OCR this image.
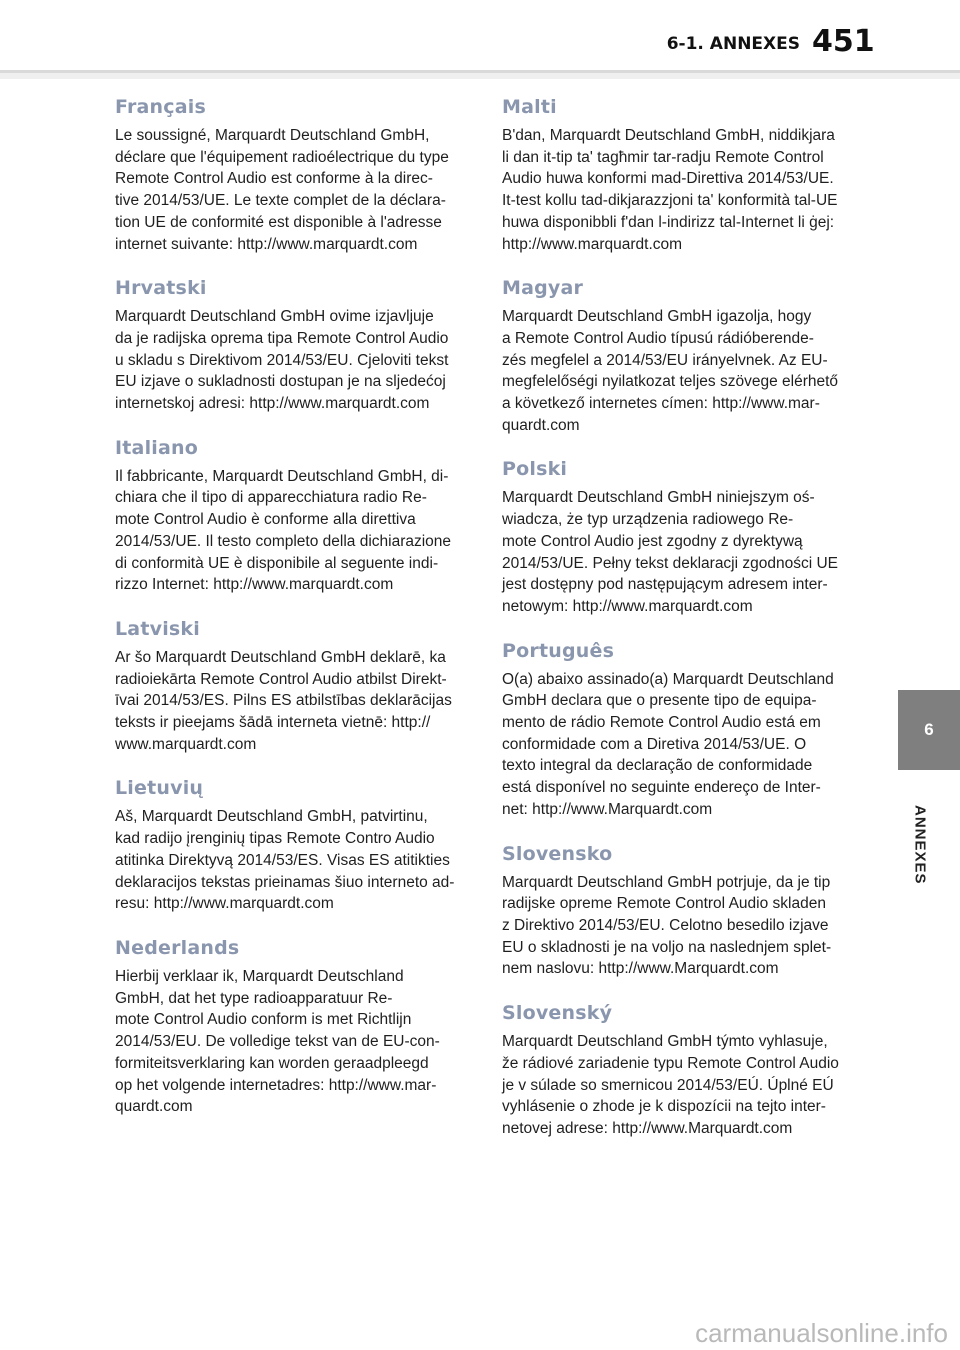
6-1. ANNEXES 451
Français

Le soussigné, Marquardt Deutschland GmbH,
déclare que l'équipement radioélectrique du type
Remote Control Audio est conforme à la direc-
tive 2014/53/UE. Le texte complet de la déclara-
tion UE de conformité est disponible à l'adresse
internet suivante: http://www.marquardt.com

Hrvatski

Marquardt Deutschland GmbH ovime izjavljuje
da je radijska oprema tipa Remote Control Audio
u skladu s Direktivom 2014/53/EU. Cjeloviti tekst
EU izjave o sukladnosti dostupan je na sljedećoj
internetskoj adresi: http://www.marquardt.com

Italiano

Il fabbricante, Marquardt Deutschland GmbH, di-
chiara che il tipo di apparecchiatura radio Re-
mote Control Audio è conforme alla direttiva
2014/53/UE. Il testo completo della dichiarazione
di conformità UE è disponibile al seguente indi-
rizzo Internet: http://www.marquardt.com

Latviski

Ar šo Marquardt Deutschland GmbH deklarē, ka
radioiekārta Remote Control Audio atbilst Direkt-
īvai 2014/53/ES. Pilns ES atbilstības deklarācijas
teksts ir pieejams šādā interneta vietnē: http://
www.marquardt.com

Lietuvių

Aš, Marquardt Deutschland GmbH, patvirtinu,
kad radijo įrenginių tipas Remote Contro Audio
atitinka Direktyvą 2014/53/ES. Visas ES atitikties
deklaracijos tekstas prieinamas šiuo interneto ad-
resu: http://www.marquardt.com

Nederlands

Hierbij verklaar ik, Marquardt Deutschland
GmbH, dat het type radioapparatuur Re-
mote Control Audio conform is met Richtlijn
2014/53/EU. De volledige tekst van de EU-con-
formiteitsverklaring kan worden geraadpleegd
op het volgende internetadres: http://www.mar-
quardt.com

Malti

B'dan, Marquardt Deutschland GmbH, niddikjara
li dan it-tip ta' tagħmir tar-radju Remote Control
Audio huwa konformi mad-Direttiva 2014/53/UE.
It-test kollu tad-dikjarazzjoni ta' konformità tal-UE
huwa disponibbli f'dan l-indirizz tal-Internet li ġej:
http://www.marquardt.com

Magyar

Marquardt Deutschland GmbH igazolja, hogy
a Remote Control Audio típusú rádióberende-
zés megfelel a 2014/53/EU irányelvnek. Az EU-
megfelelőségi nyilatkozat teljes szövege elérhető
a következő internetes címen: http://www.mar-
quardt.com

Polski

Marquardt Deutschland GmbH niniejszym oś-
wiadcza, że typ urządzenia radiowego Re-
mote Control Audio jest zgodny z dyrektywą
2014/53/UE. Pełny tekst deklaracji zgodności UE
jest dostępny pod następującym adresem inter-
netowym: http://www.marquardt.com

Português

O(a) abaixo assinado(a) Marquardt Deutschland
GmbH declara que o presente tipo de equipa-
mento de rádio Remote Control Audio está em
conformidade com a Diretiva 2014/53/UE. O
texto integral da declaração de conformidade
está disponível no seguinte endereço de Inter-
net: http://www.Marquardt.com

Slovensko

Marquardt Deutschland GmbH potrjuje, da je tip
radijske opreme Remote Control Audio skladen
z Direktivo 2014/53/EU. Celotno besedilo izjave
EU o skladnosti je na voljo na naslednjem splet-
nem naslovu: http://www.Marquardt.com

Slovenský

Marquardt Deutschland GmbH týmto vyhlasuje,
že rádiové zariadenie typu Remote Control Audio
je v súlade so smernicou 2014/53/EÚ. Úplné EÚ
vyhlásenie o zhode je k dispozícii na tejto inter-
netovej adrese: http://www.Marquardt.com

6
ANNEXES
carmanualsonline.info
